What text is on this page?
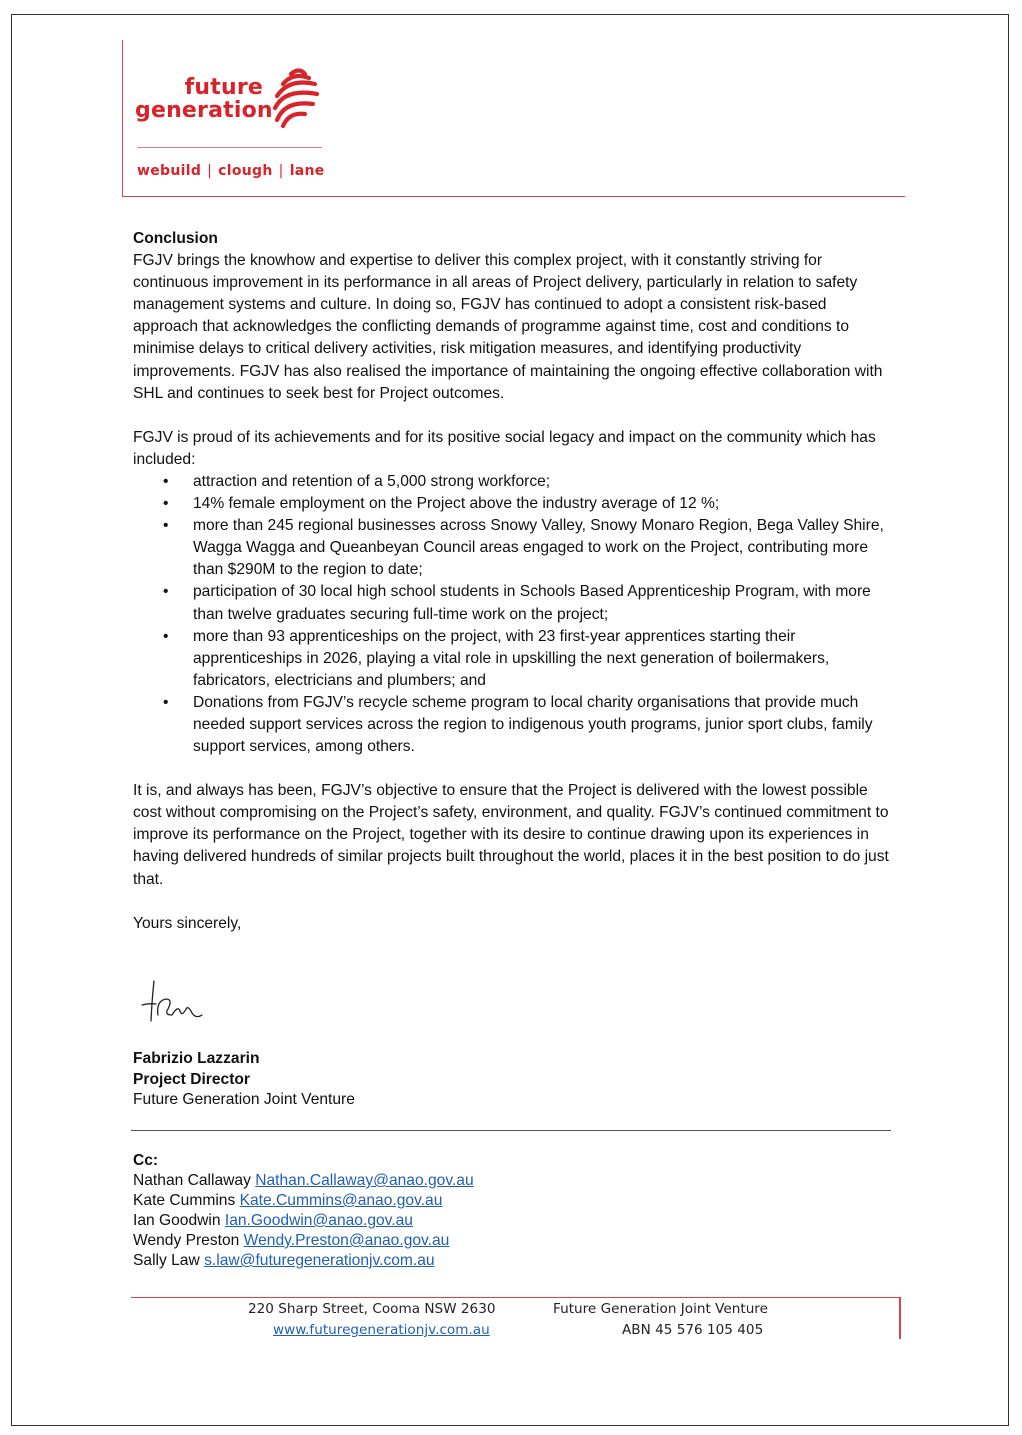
future
generation
webuild | clough | lane

Conclusion

FGJV brings the knowhow and expertise to deliver this complex project, with it constantly striving for continuous improvement in its performance in all areas of Project delivery, particularly in relation to safety management systems and culture. In doing so, FGJV has continued to adopt a consistent risk-based approach that acknowledges the conflicting demands of programme against time, cost and conditions to minimise delays to critical delivery activities, risk mitigation measures, and identifying productivity improvements. FGJV has also realised the importance of maintaining the ongoing effective collaboration with SHL and continues to seek best for Project outcomes.

FGJV is proud of its achievements and for its positive social legacy and impact on the community which has included:

• attraction and retention of a 5,000 strong workforce;
• 14% female employment on the Project above the industry average of 12 %;
• more than 245 regional businesses across Snowy Valley, Snowy Monaro Region, Bega Valley Shire, Wagga Wagga and Queanbeyan Council areas engaged to work on the Project, contributing more than $290M to the region to date;
• participation of 30 local high school students in Schools Based Apprenticeship Program, with more than twelve graduates securing full-time work on the project;
• more than 93 apprenticeships on the project, with 23 first-year apprentices starting their apprenticeships in 2026, playing a vital role in upskilling the next generation of boilermakers, fabricators, electricians and plumbers; and
• Donations from FGJV’s recycle scheme program to local charity organisations that provide much needed support services across the region to indigenous youth programs, junior sport clubs, family support services, among others.

It is, and always has been, FGJV’s objective to ensure that the Project is delivered with the lowest possible cost without compromising on the Project’s safety, environment, and quality. FGJV’s continued commitment to improve its performance on the Project, together with its desire to continue drawing upon its experiences in having delivered hundreds of similar projects built throughout the world, places it in the best position to do just that.

Yours sincerely,

Fabrizio Lazzarin
Project Director
Future Generation Joint Venture
Cc:
Nathan Callaway Nathan.Callaway@anao.gov.au
Kate Cummins Kate.Cummins@anao.gov.au
Ian Goodwin Ian.Goodwin@anao.gov.au
Wendy Preston Wendy.Preston@anao.gov.au
Sally Law s.law@futuregenerationjv.com.au
220 Sharp Street, Cooma NSW 2630
www.futuregenerationjv.com.au
Future Generation Joint Venture
ABN 45 576 105 405
